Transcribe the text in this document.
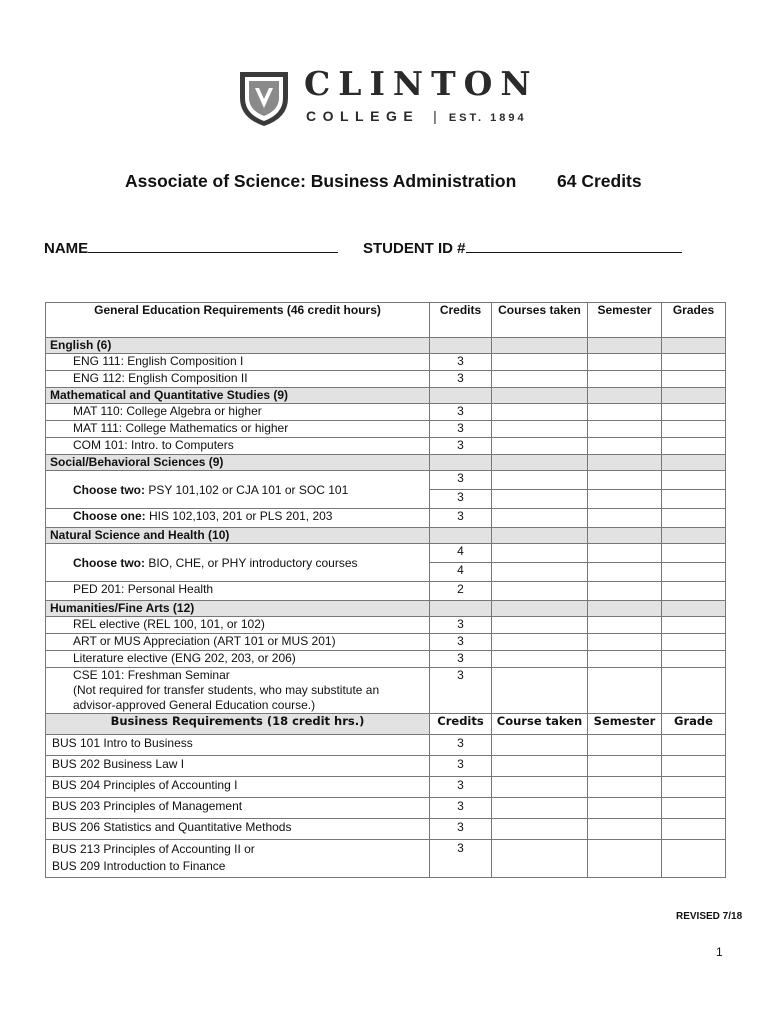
CLINTON
COLLEGE | EST. 1894
Associate of Science: Business Administration 64 Credits
NAME	STUDENT ID #
General Education Requirements (46 credit hours)	Credits	Courses taken	Semester	Grades
English (6)				
ENG 111: English Composition I	3			
ENG 112: English Composition II	3			
Mathematical and Quantitative Studies (9)				
MAT 110: College Algebra or higher	3			
MAT 111: College Mathematics or higher	3			
COM 101: Intro. to Computers	3			
Social/Behavioral Sciences (9)				
Choose two: PSY 101,102 or CJA 101 or SOC 101	3			
	3			
Choose one: HIS 102,103, 201 or PLS 201, 203	3			
Natural Science and Health (10)				
Choose two: BIO, CHE, or PHY introductory courses	4			
	4			
PED 201: Personal Health	2			
Humanities/Fine Arts (12)				
REL elective (REL 100, 101, or 102)	3			
ART or MUS Appreciation (ART 101 or MUS 201)	3			
Literature elective (ENG 202, 203, or 206)	3			

CSE 101: Freshman Seminar
(Not required for transfer students, who may substitute an
advisor-approved General Education course.)	3			
Business Requirements (18 credit hrs.)	Credits	Course taken	Semester	Grade
BUS 101 Intro to Business	3			
BUS 202 Business Law I	3			
BUS 204 Principles of Accounting I	3			
BUS 203 Principles of Management	3			
BUS 206 Statistics and Quantitative Methods	3			

BUS 213 Principles of Accounting II or
BUS 209 Introduction to Finance	3			
REVISED 7/18
1
